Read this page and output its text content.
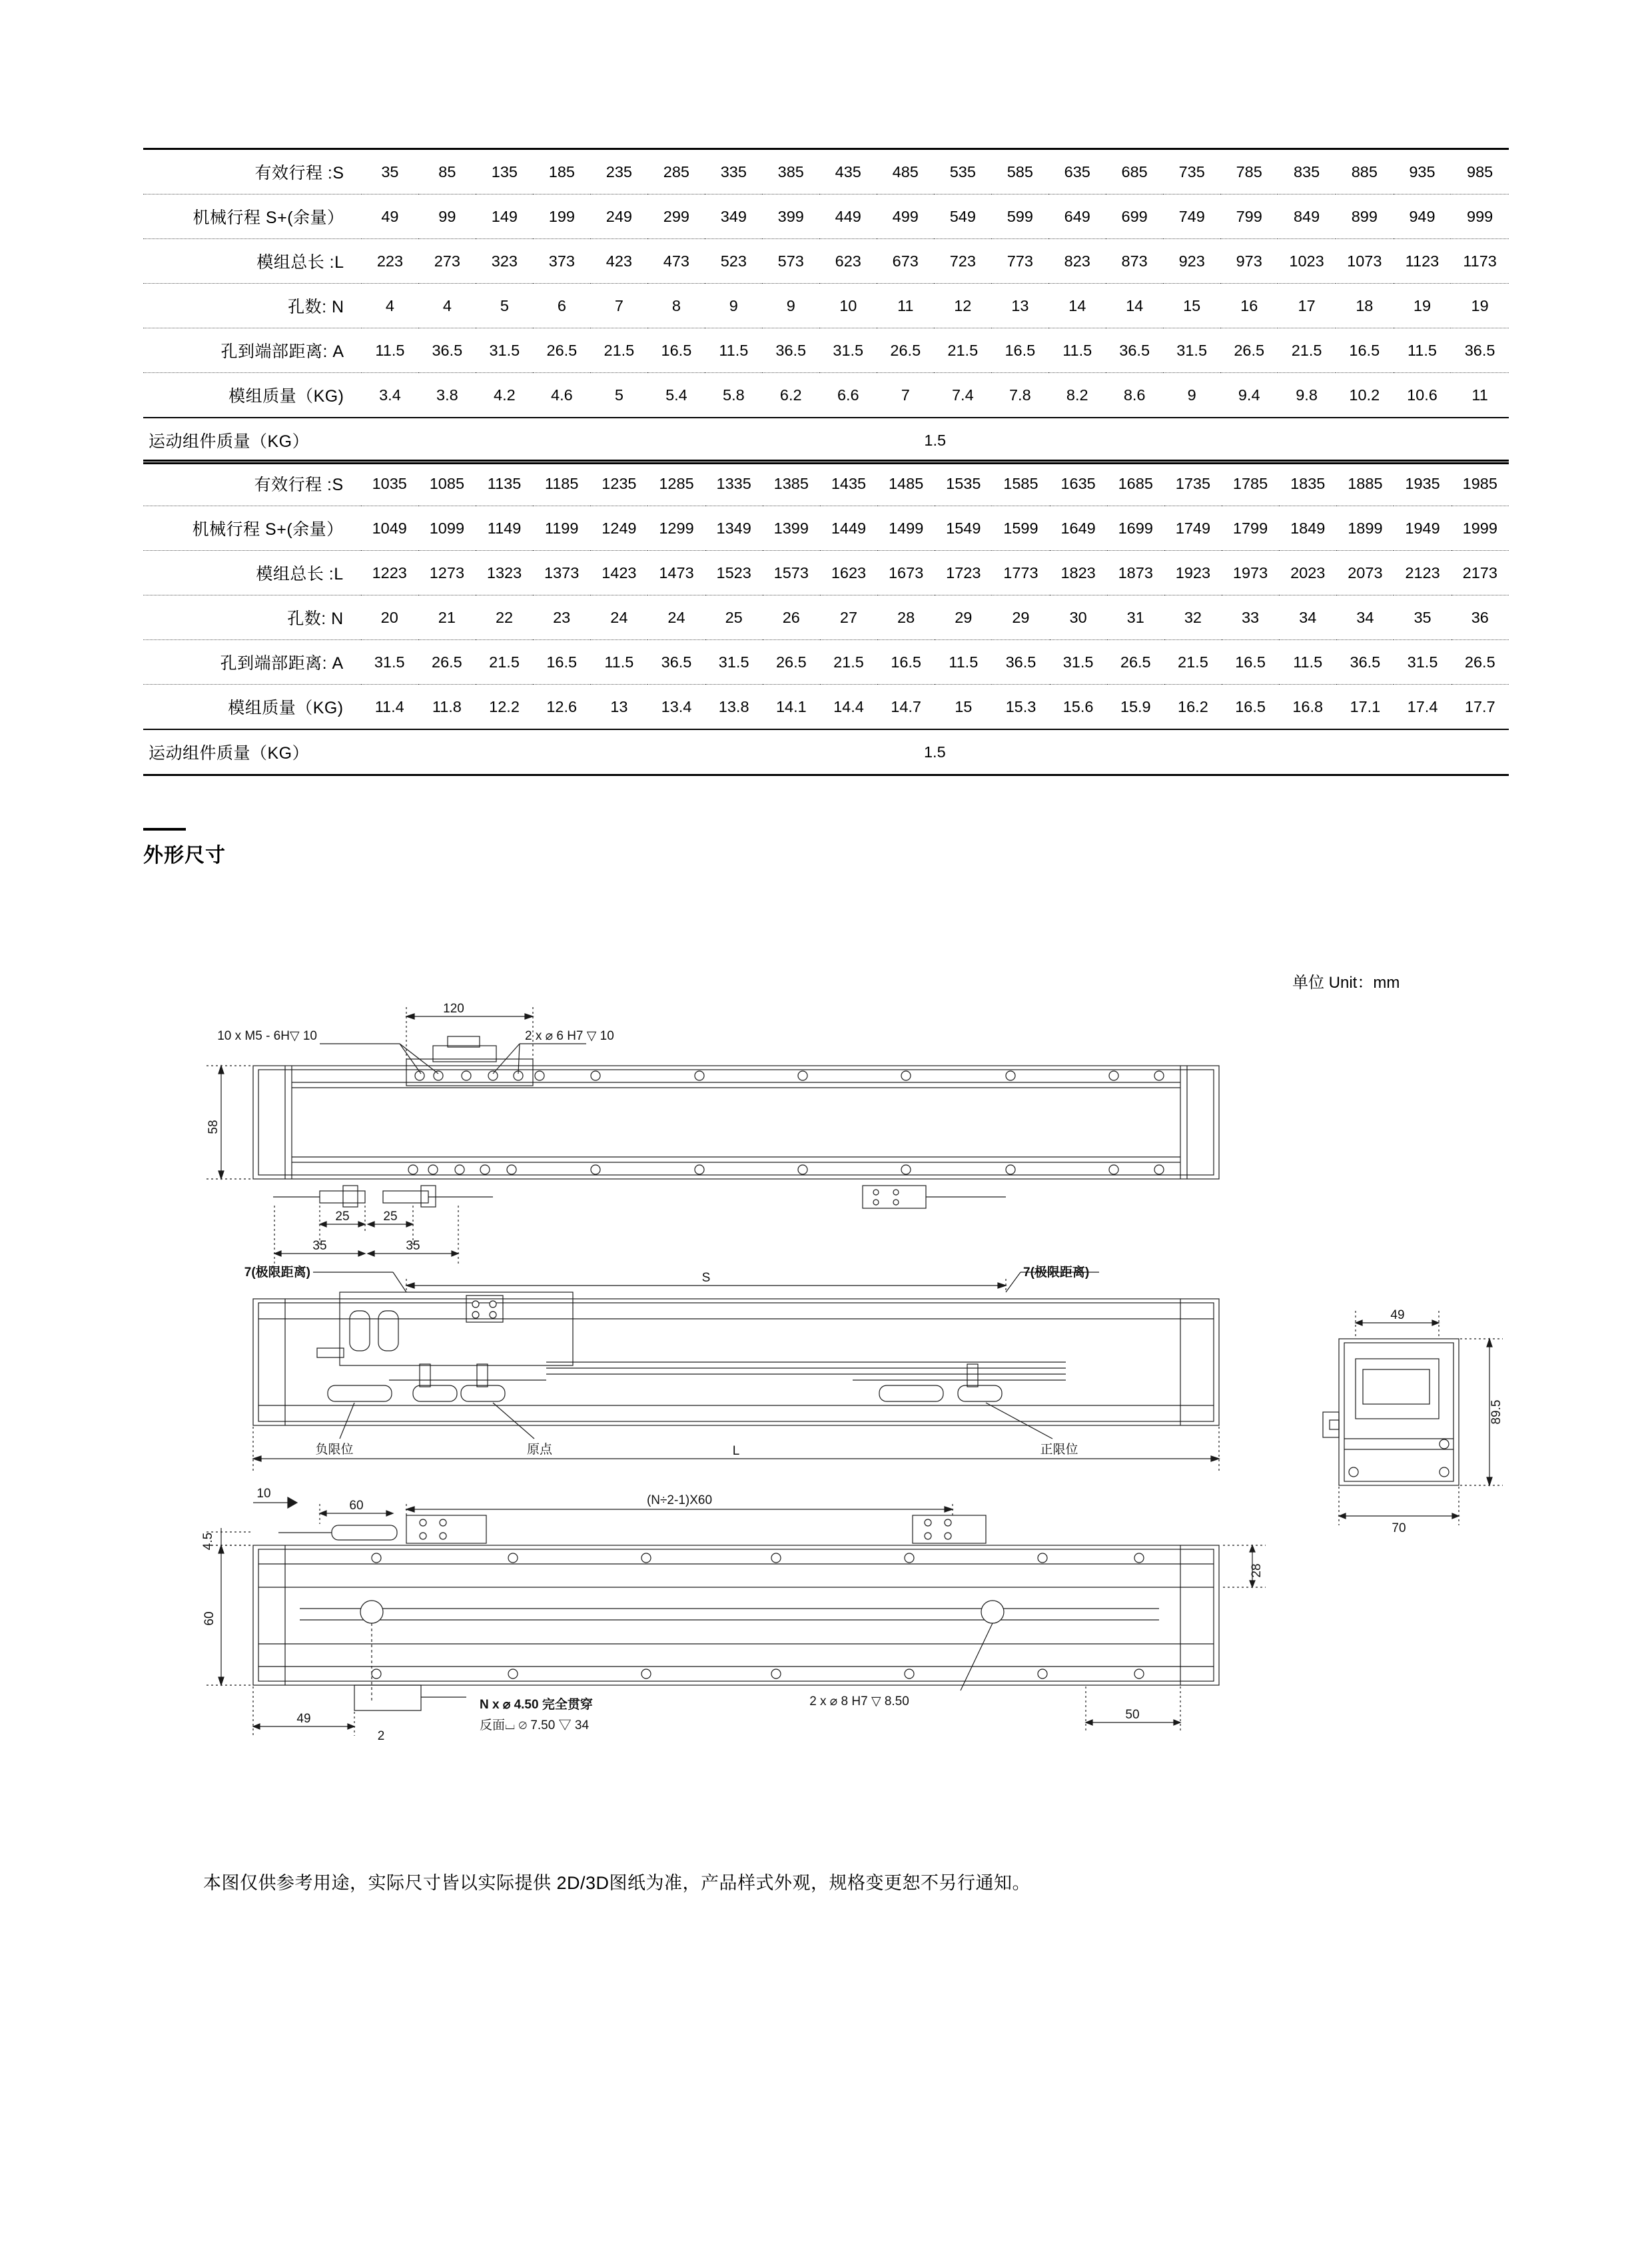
有效行程 :S	35	85	135	185	235	285	335	385	435	485	535	585	635	685	735	785	835	885	935	985
机械行程 S+(余量）	49	99	149	199	249	299	349	399	449	499	549	599	649	699	749	799	849	899	949	999
模组总长 :L	223	273	323	373	423	473	523	573	623	673	723	773	823	873	923	973	1023	1073	1123	1173
孔数: N	4	4	5	6	7	8	9	9	10	11	12	13	14	14	15	16	17	18	19	19
孔到端部距离: A	11.5	36.5	31.5	26.5	21.5	16.5	11.5	36.5	31.5	26.5	21.5	16.5	11.5	36.5	31.5	26.5	21.5	16.5	11.5	36.5
模组质量（KG)	3.4	3.8	4.2	4.6	5	5.4	5.8	6.2	6.6	7	7.4	7.8	8.2	8.6	9	9.4	9.8	10.2	10.6	11
运动组件质量（KG）	1.5																			
有效行程 :S	1035	1085	1135	1185	1235	1285	1335	1385	1435	1485	1535	1585	1635	1685	1735	1785	1835	1885	1935	1985
机械行程 S+(余量）	1049	1099	1149	1199	1249	1299	1349	1399	1449	1499	1549	1599	1649	1699	1749	1799	1849	1899	1949	1999
模组总长 :L	1223	1273	1323	1373	1423	1473	1523	1573	1623	1673	1723	1773	1823	1873	1923	1973	2023	2073	2123	2173
孔数: N	20	21	22	23	24	24	25	26	27	28	29	29	30	31	32	33	34	34	35	36
孔到端部距离: A	31.5	26.5	21.5	16.5	11.5	36.5	31.5	26.5	21.5	16.5	11.5	36.5	31.5	26.5	21.5	16.5	11.5	36.5	31.5	26.5
模组质量（KG)	11.4	11.8	12.2	12.6	13	13.4	13.8	14.1	14.4	14.7	15	15.3	15.6	15.9	16.2	16.5	16.8	17.1	17.4	17.7
运动组件质量（KG）	1.5																			
外形尺寸
单位 Unit：mm
120
58
10 x M5 - 6H▽ 10	2 x ⌀ 6 H7 ▽ 10
25	25
35	35
7(极限距离)	7(极限距离)
S
L
负限位	原点	正限位
(N÷2-1)X60
60
10
4.5
60
28
49	50
2
N x ⌀ 4.50 完全贯穿
反面⌴ ⌀ 7.50 ▽ 34
2 x ⌀ 8 H7 ▽ 8.50
49
89.5
70
本图仅供参考用途，实际尺寸皆以实际提供 2D/3D图纸为准，产品样式外观，规格变更恕不另行通知。
